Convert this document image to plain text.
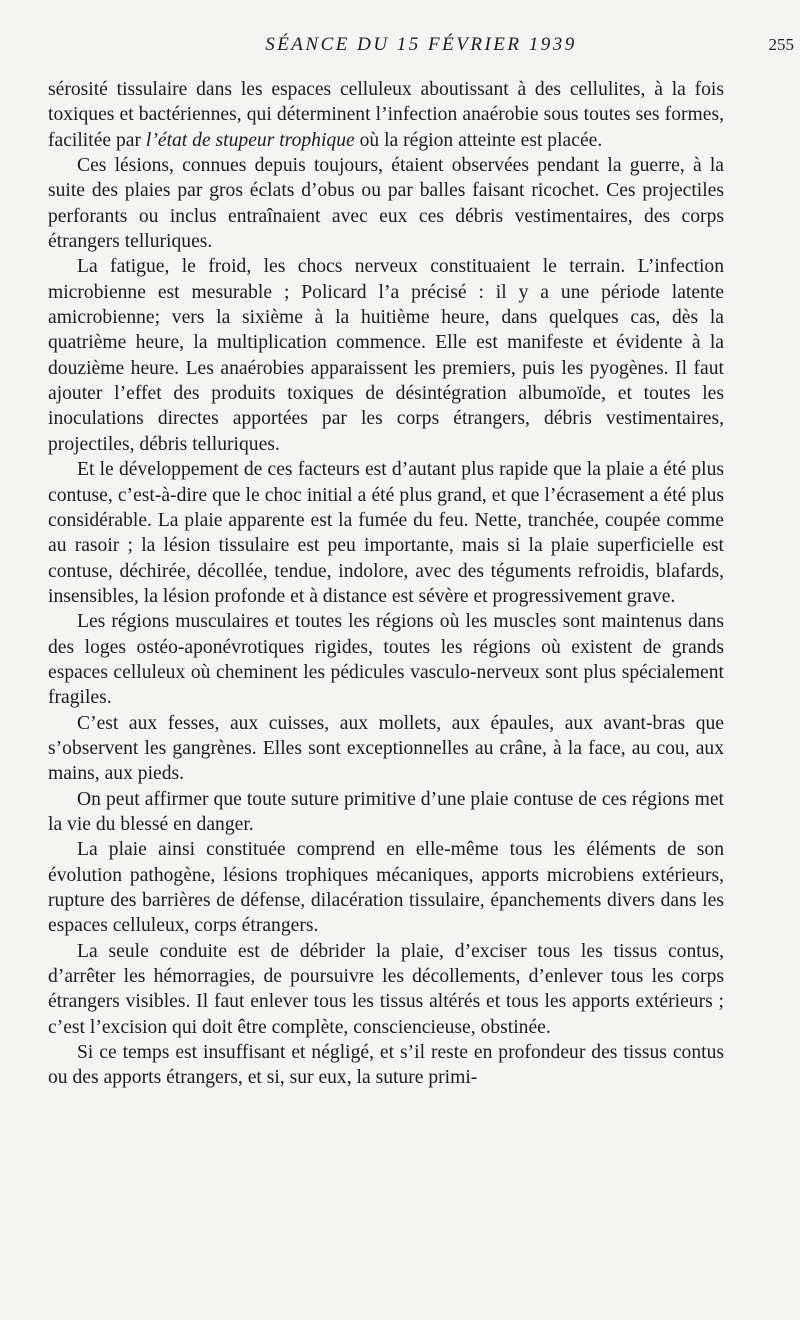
SÉANCE DU 15 FÉVRIER 1939	255

sérosité tissulaire dans les espaces celluleux aboutissant à des cellulites, à la fois toxiques et bactériennes, qui déterminent l’infection anaérobie sous toutes ses formes, facilitée par l’état de stupeur trophique où la région atteinte est placée.

Ces lésions, connues depuis toujours, étaient observées pendant la guerre, à la suite des plaies par gros éclats d’obus ou par balles faisant ricochet. Ces projectiles perforants ou inclus entraînaient avec eux ces débris vestimentaires, des corps étrangers telluriques.

La fatigue, le froid, les chocs nerveux constituaient le terrain. L’infection microbienne est mesurable ; Policard l’a précisé : il y a une période latente amicrobienne; vers la sixième à la huitième heure, dans quelques cas, dès la quatrième heure, la multiplication commence. Elle est manifeste et évidente à la douzième heure. Les anaérobies apparaissent les premiers, puis les pyogènes. Il faut ajouter l’effet des produits toxiques de désintégration albumoïde, et toutes les inoculations directes apportées par les corps étrangers, débris vestimentaires, projectiles, débris telluriques.

Et le développement de ces facteurs est d’autant plus rapide que la plaie a été plus contuse, c’est-à-dire que le choc initial a été plus grand, et que l’écrasement a été plus considérable. La plaie apparente est la fumée du feu. Nette, tranchée, coupée comme au rasoir ; la lésion tissulaire est peu importante, mais si la plaie superficielle est contuse, déchirée, décollée, tendue, indolore, avec des téguments refroidis, blafards, insensibles, la lésion profonde et à distance est sévère et progressivement grave.

Les régions musculaires et toutes les régions où les muscles sont maintenus dans des loges ostéo-aponévrotiques rigides, toutes les régions où existent de grands espaces celluleux où cheminent les pédicules vasculo-nerveux sont plus spécialement fragiles.

C’est aux fesses, aux cuisses, aux mollets, aux épaules, aux avant-bras que s’observent les gangrènes. Elles sont exceptionnelles au crâne, à la face, au cou, aux mains, aux pieds.

On peut affirmer que toute suture primitive d’une plaie contuse de ces régions met la vie du blessé en danger.

La plaie ainsi constituée comprend en elle-même tous les éléments de son évolution pathogène, lésions trophiques mécaniques, apports microbiens extérieurs, rupture des barrières de défense, dilacération tissulaire, épanchements divers dans les espaces celluleux, corps étrangers.

La seule conduite est de débrider la plaie, d’exciser tous les tissus contus, d’arrêter les hémorragies, de poursuivre les décollements, d’enlever tous les corps étrangers visibles. Il faut enlever tous les tissus altérés et tous les apports extérieurs ; c’est l’excision qui doit être complète, consciencieuse, obstinée.

Si ce temps est insuffisant et négligé, et s’il reste en profondeur des tissus contus ou des apports étrangers, et si, sur eux, la suture primi-
